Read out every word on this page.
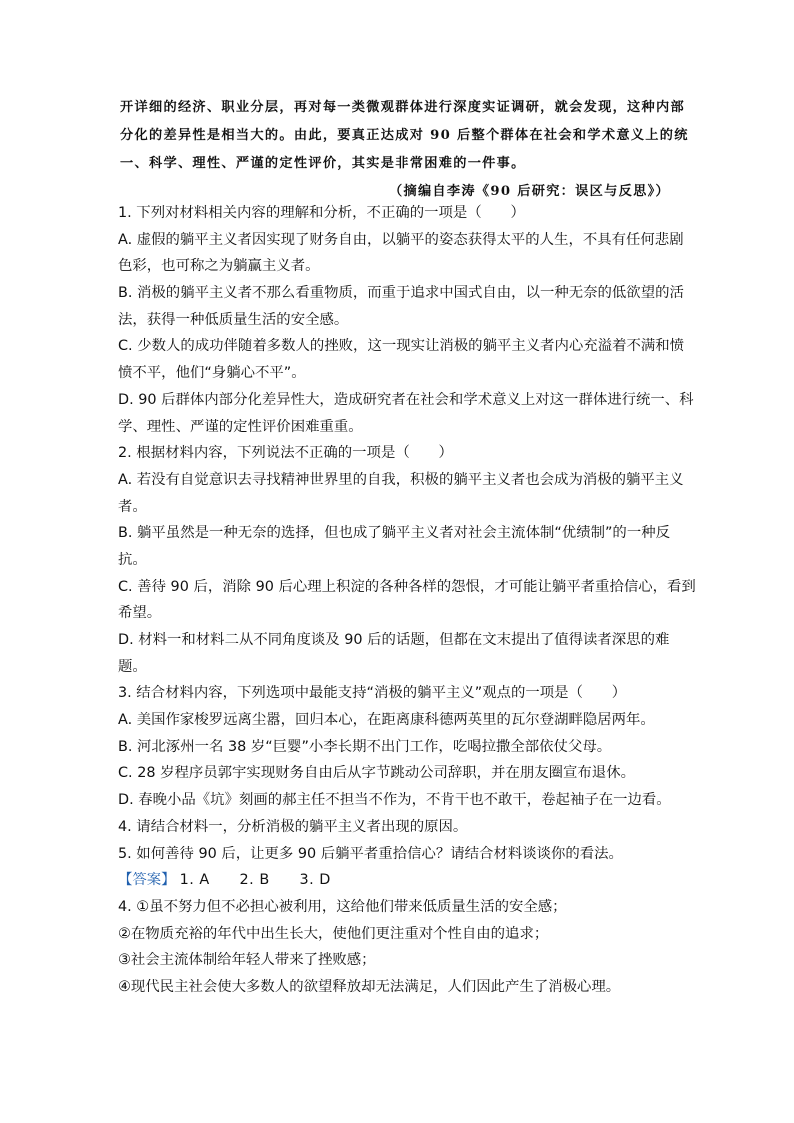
开详细的经济、职业分层，再对每一类微观群体进行深度实证调研，就会发现，这种内部
分化的差异性是相当大的。由此，要真正达成对 90 后整个群体在社会和学术意义上的统
一、科学、理性、严谨的定性评价，其实是非常困难的一件事。
（摘编自李涛《90 后研究：误区与反思》）
1. 下列对材料相关内容的理解和分析，不正确的一项是（　　）
A. 虚假的躺平主义者因实现了财务自由，以躺平的姿态获得太平的人生，不具有任何悲剧
色彩，也可称之为躺赢主义者。
B. 消极的躺平主义者不那么看重物质，而重于追求中国式自由，以一种无奈的低欲望的活
法，获得一种低质量生活的安全感。
C. 少数人的成功伴随着多数人的挫败，这一现实让消极的躺平主义者内心充溢着不满和愤
愤不平，他们“身躺心不平”。
D. 90 后群体内部分化差异性大，造成研究者在社会和学术意义上对这一群体进行统一、科
学、理性、严谨的定性评价困难重重。
2. 根据材料内容，下列说法不正确的一项是（　　）
A. 若没有自觉意识去寻找精神世界里的自我，积极的躺平主义者也会成为消极的躺平主义
者。
B. 躺平虽然是一种无奈的选择，但也成了躺平主义者对社会主流体制“优绩制”的一种反
抗。
C. 善待 90 后，消除 90 后心理上积淀的各种各样的怨恨，才可能让躺平者重拾信心，看到
希望。
D. 材料一和材料二从不同角度谈及 90 后的话题，但都在文末提出了值得读者深思的难
题。
3. 结合材料内容，下列选项中最能支持“消极的躺平主义”观点的一项是（　　）
A. 美国作家梭罗远离尘嚣，回归本心，在距离康科德两英里的瓦尔登湖畔隐居两年。
B. 河北涿州一名 38 岁“巨婴”小李长期不出门工作，吃喝拉撒全部依仗父母。
C. 28 岁程序员郭宇实现财务自由后从字节跳动公司辞职，并在朋友圈宣布退休。
D. 春晚小品《坑》刻画的郝主任不担当不作为，不肯干也不敢干，卷起袖子在一边看。
4. 请结合材料一，分析消极的躺平主义者出现的原因。
5. 如何善待 90 后，让更多 90 后躺平者重拾信心？请结合材料谈谈你的看法。
【答案】 1. A　　2. B　　3. D
4. ①虽不努力但不必担心被利用，这给他们带来低质量生活的安全感；
②在物质充裕的年代中出生长大，使他们更注重对个性自由的追求；
③社会主流体制给年轻人带来了挫败感；
④现代民主社会使大多数人的欲望释放却无法满足，人们因此产生了消极心理。
